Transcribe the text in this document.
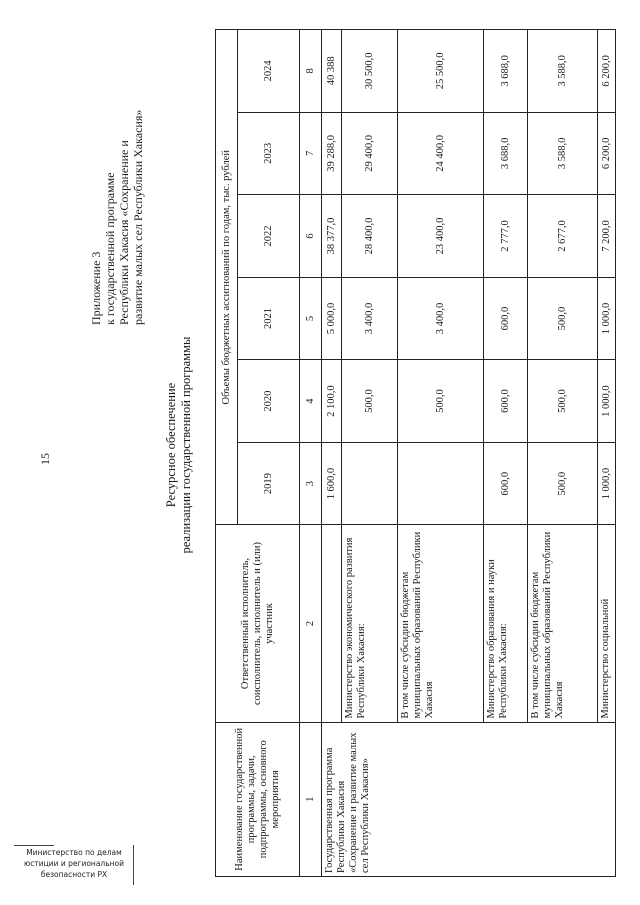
15
Приложение 3 к государственной программе Республики Хакасия «Сохранение и развитие малых сел Республики Хакасия»
Ресурсное обеспечение реализации государственной программы
Наименование государственной программы, задачи, подпрограммы, основного мероприятия	Ответственный исполнитель, соисполнитель, исполнитель и (или) участник	Объемы бюджетных ассигнований по годам, тыс. рублей					
		2019	2020	2021	2022	2023	2024
1	2	3	4	5	6	7	8
Государственная программа Республики Хакасия «Сохранение и развитие малых сел Республики Хакасия»		1 600,0	2 100,0	5 000,0	38 377,0	39 288,0	40 388
	Министерство экономического развития Республики Хакасия:		500,0	3 400,0	28 400,0	29 400,0	30 500,0
	В том числе субсидии бюджетам муниципальных образований Республики Хакасия		500,0	3 400,0	23 400,0	24 400,0	25 500,0
	Министерство образования и науки Республики Хакасия:	600,0	600,0	600,0	2 777,0	3 688,0	3 688,0
	В том числе субсидии бюджетам муниципальных образований Республики Хакасия	500,0	500,0	500,0	2 677,0	3 588,0	3 588,0
	Министерство социальной	1 000,0	1 000,0	1 000,0	7 200,0	6 200,0	6 200,0
Министерство по делам
юстиции и региональной
безопасности РХ
